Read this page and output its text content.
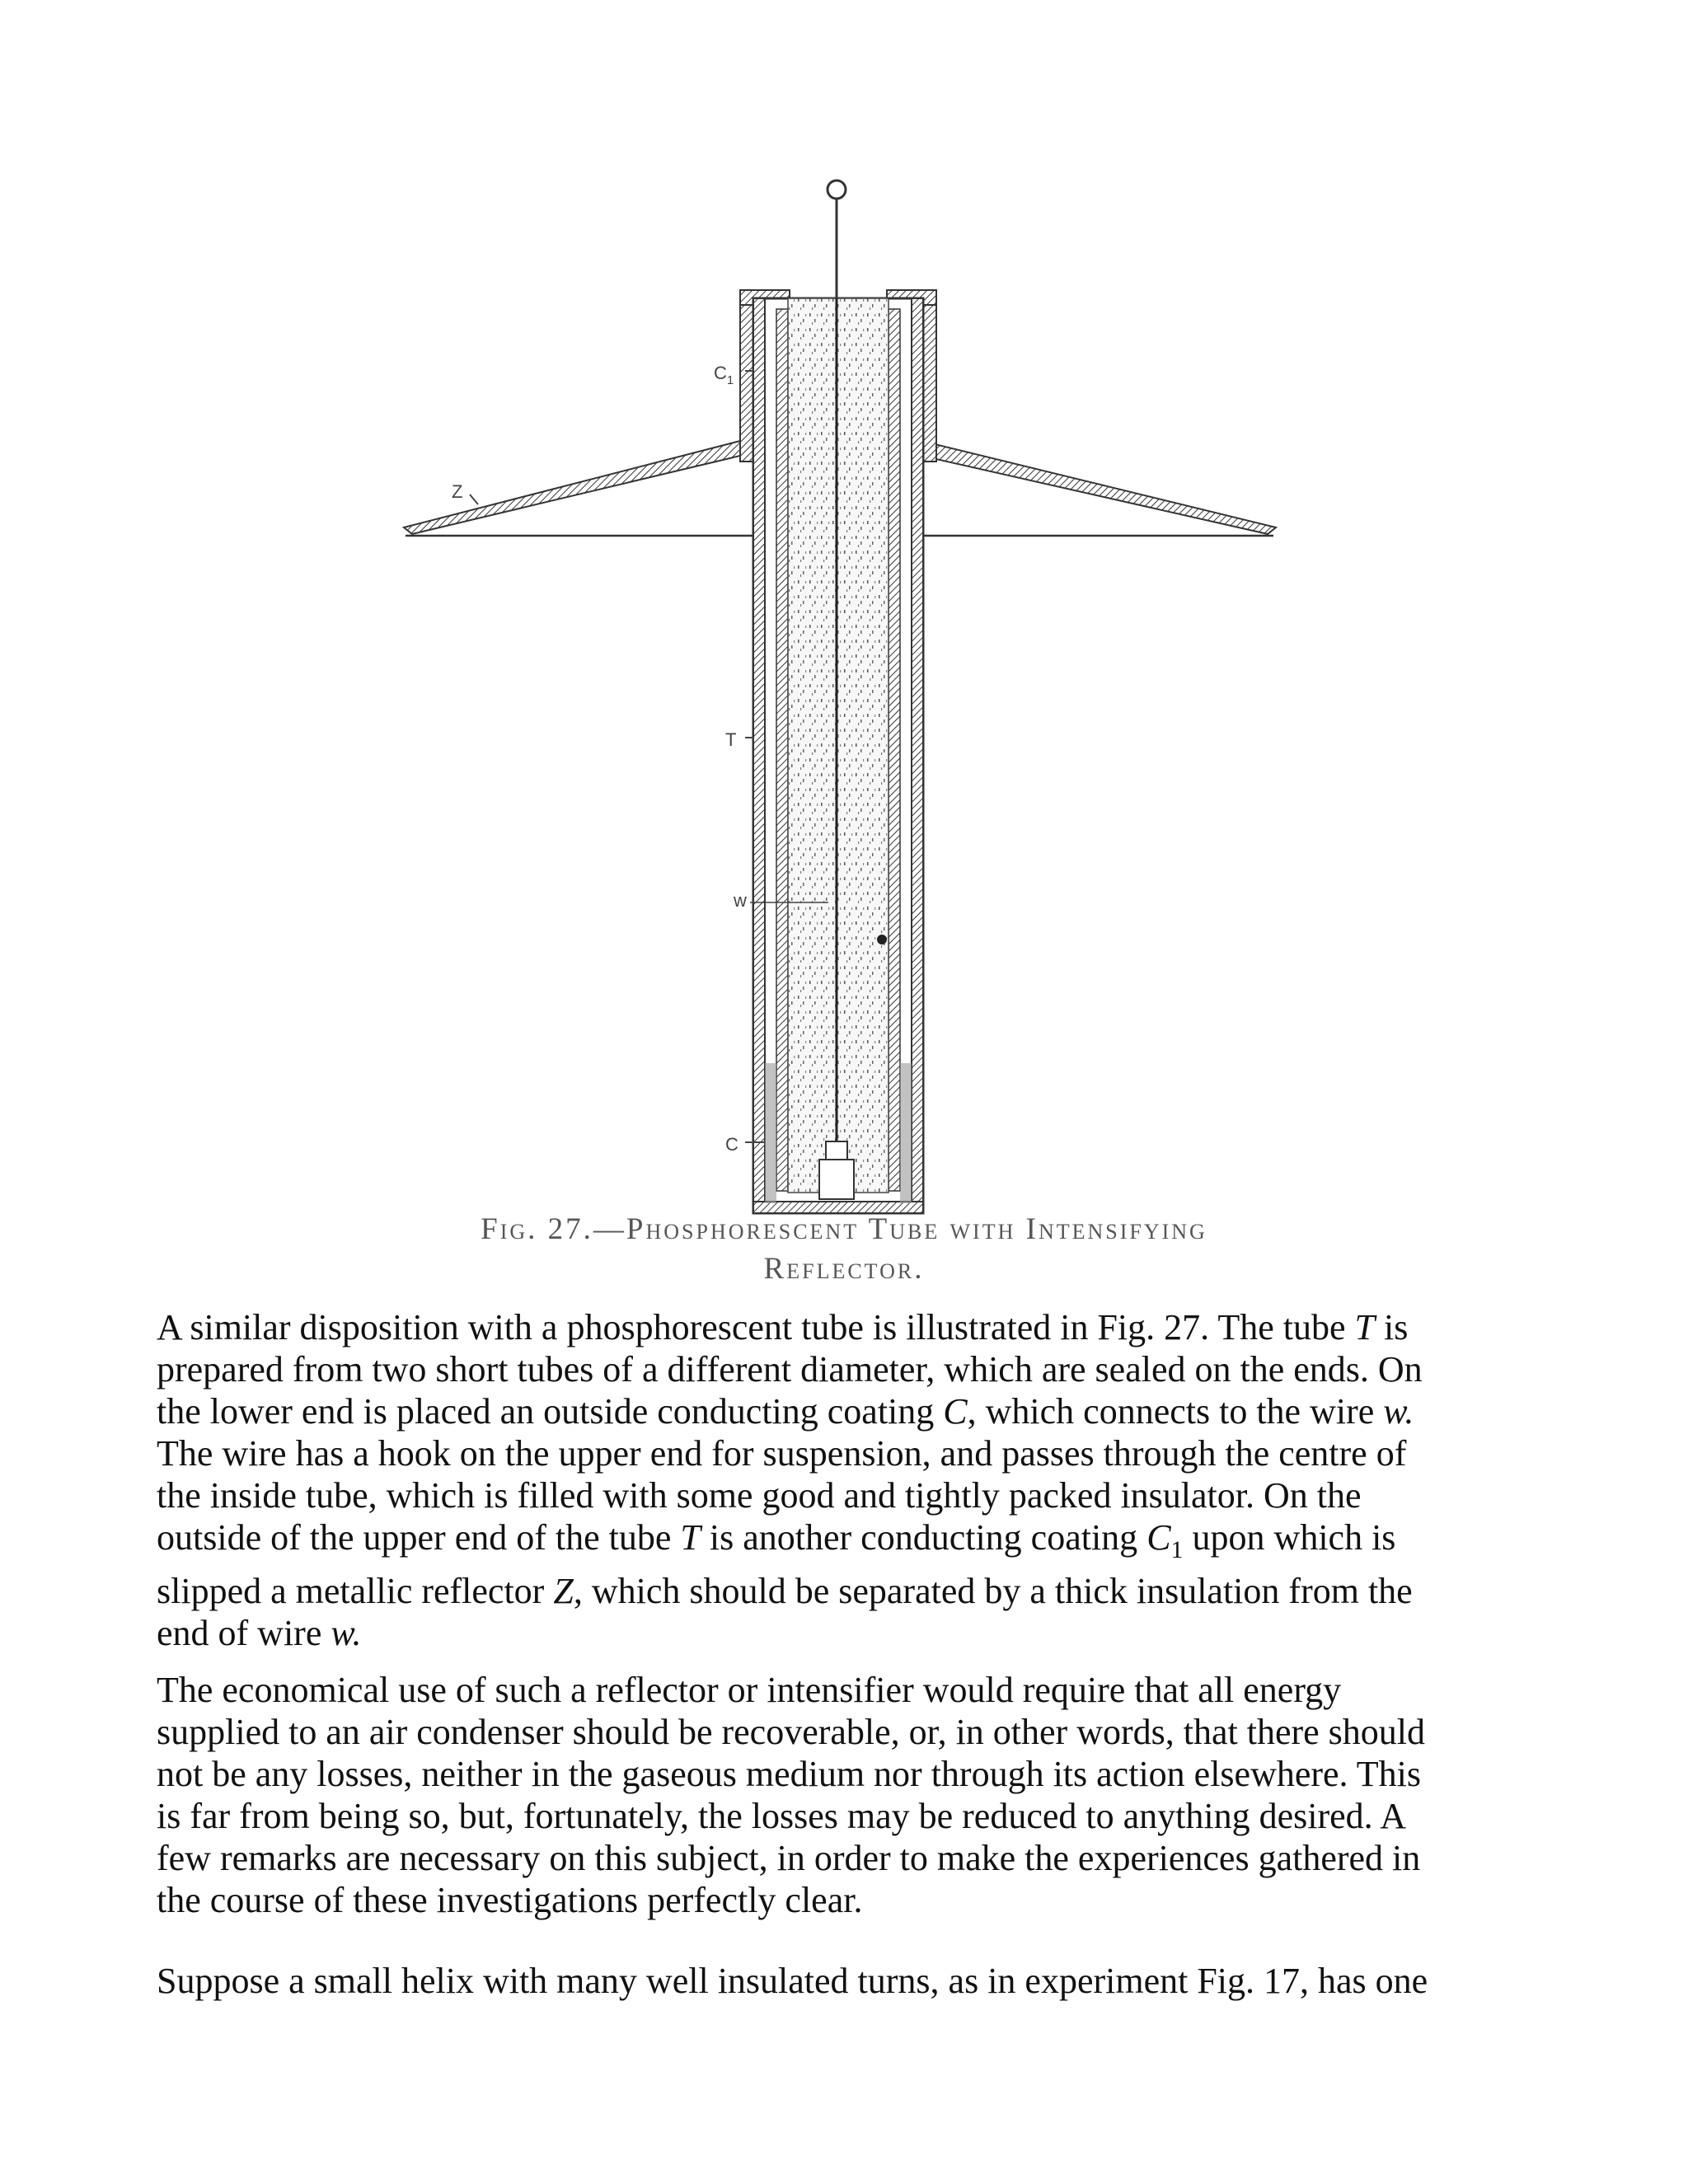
$C_1$
Z
T
w
C
Fig. 27.—Phosphorescent Tube with Intensifying
Reflector.

A similar disposition with a phosphorescent tube is illustrated in Fig. 27. The tube T is
prepared from two short tubes of a different diameter, which are sealed on the ends. On
the lower end is placed an outside conducting coating C, which connects to the wire w.
The wire has a hook on the upper end for suspension, and passes through the centre of
the inside tube, which is filled with some good and tightly packed insulator. On the
outside of the upper end of the tube T is another conducting coating $C_1$ upon which is
slipped a metallic reflector Z, which should be separated by a thick insulation from the
end of wire w.

The economical use of such a reflector or intensifier would require that all energy
supplied to an air condenser should be recoverable, or, in other words, that there should
not be any losses, neither in the gaseous medium nor through its action elsewhere. This
is far from being so, but, fortunately, the losses may be reduced to anything desired. A
few remarks are necessary on this subject, in order to make the experiences gathered in
the course of these investigations perfectly clear.

Suppose a small helix with many well insulated turns, as in experiment Fig. 17, has one
